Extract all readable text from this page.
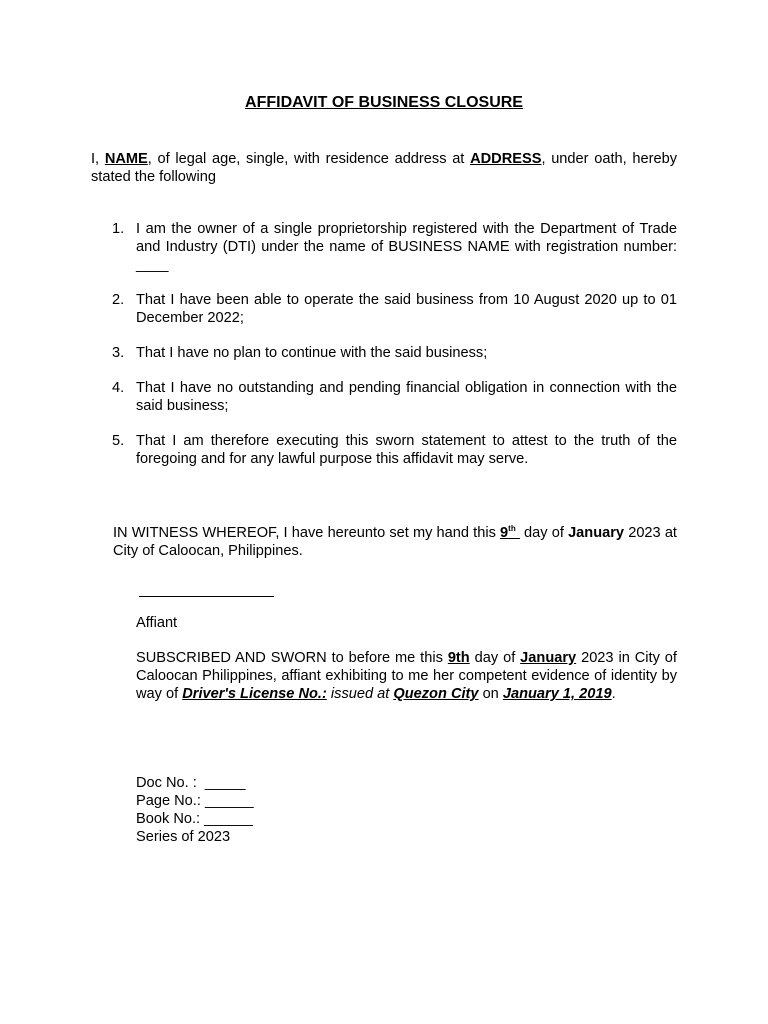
AFFIDAVIT OF BUSINESS CLOSURE

I, NAME, of legal age, single, with residence address at ADDRESS, under oath, hereby stated the following

1. I am the owner of a single proprietorship registered with the Department of Trade and Industry (DTI) under the name of BUSINESS NAME with registration number: ____
2. That I have been able to operate the said business from 10 August 2020 up to 01 December 2022;
3. That I have no plan to continue with the said business;
4. That I have no outstanding and pending financial obligation in connection with the said business;
5. That I am therefore executing this sworn statement to attest to the truth of the foregoing and for any lawful purpose this affidavit may serve.

IN WITNESS WHEREOF, I have hereunto set my hand this 9th  day of January 2023 at City of Caloocan, Philippines.

Affiant

SUBSCRIBED AND SWORN to before me this 9th day of January 2023 in City of Caloocan Philippines, affiant exhibiting to me her competent evidence of identity by way of Driver's License No.: issued at Quezon City on January 1, 2019.

Doc No. :  _____
Page No.: ______
Book No.: ______
Series of 2023
